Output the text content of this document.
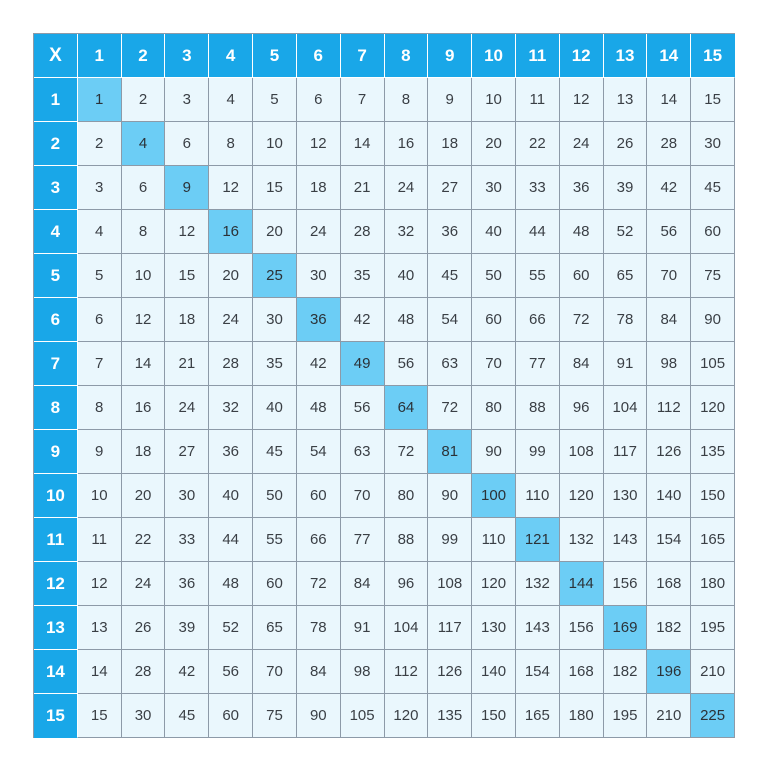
X	1	2	3	4	5	6	7	8	9	10	11	12	13	14	15
1	1	2	3	4	5	6	7	8	9	10	11	12	13	14	15
2	2	4	6	8	10	12	14	16	18	20	22	24	26	28	30
3	3	6	9	12	15	18	21	24	27	30	33	36	39	42	45
4	4	8	12	16	20	24	28	32	36	40	44	48	52	56	60
5	5	10	15	20	25	30	35	40	45	50	55	60	65	70	75
6	6	12	18	24	30	36	42	48	54	60	66	72	78	84	90
7	7	14	21	28	35	42	49	56	63	70	77	84	91	98	105
8	8	16	24	32	40	48	56	64	72	80	88	96	104	112	120
9	9	18	27	36	45	54	63	72	81	90	99	108	117	126	135
10	10	20	30	40	50	60	70	80	90	100	110	120	130	140	150
11	11	22	33	44	55	66	77	88	99	110	121	132	143	154	165
12	12	24	36	48	60	72	84	96	108	120	132	144	156	168	180
13	13	26	39	52	65	78	91	104	117	130	143	156	169	182	195
14	14	28	42	56	70	84	98	112	126	140	154	168	182	196	210
15	15	30	45	60	75	90	105	120	135	150	165	180	195	210	225
